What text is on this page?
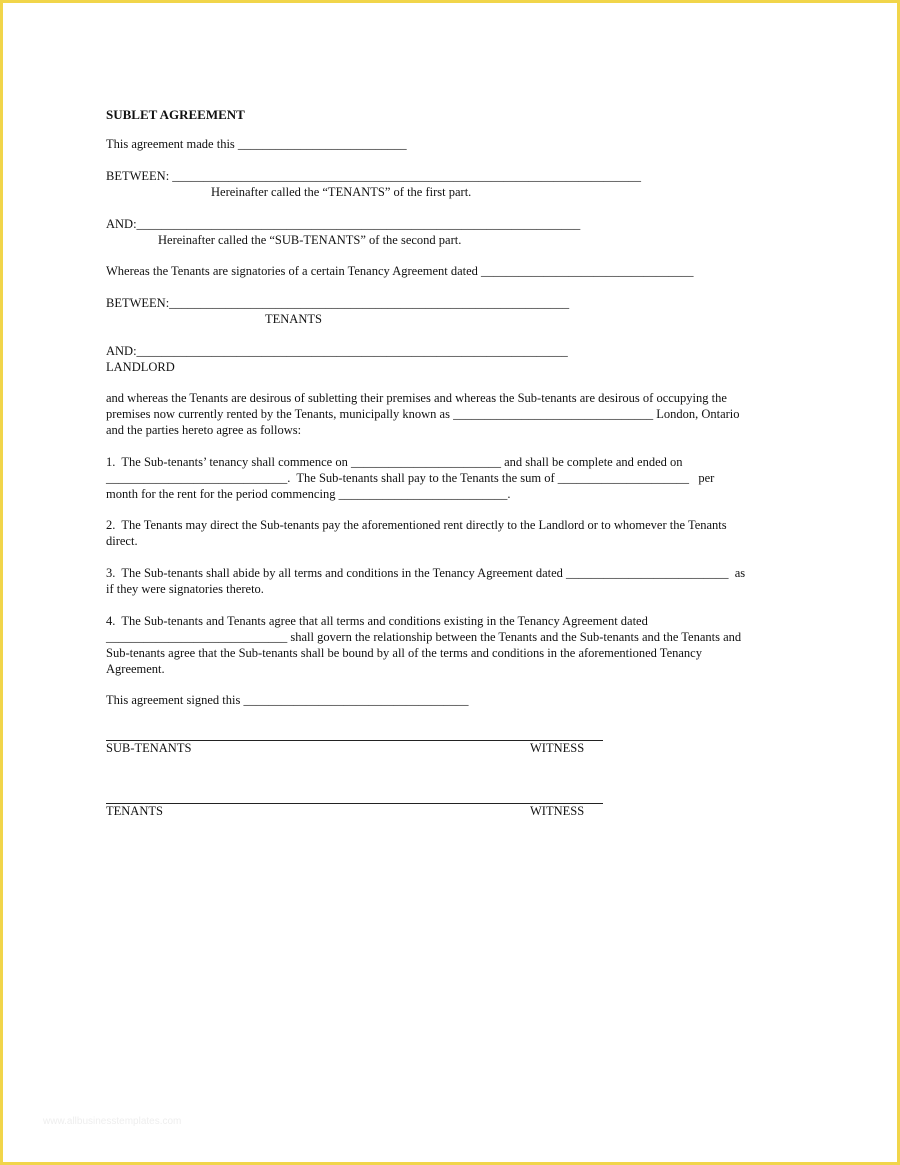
SUBLET AGREEMENT
This agreement made this ___________________________
BETWEEN: ___________________________________________________________________________
Hereinafter called the “TENANTS” of the first part.
AND:_______________________________________________________________________
Hereinafter called the “SUB-TENANTS” of the second part.
Whereas the Tenants are signatories of a certain Tenancy Agreement dated __________________________________
BETWEEN:________________________________________________________________
TENANTS
AND:_____________________________________________________________________
LANDLORD
and whereas the Tenants are desirous of subletting their premises and whereas the Sub-tenants are desirous of occupying the
premises now currently rented by the Tenants, municipally known as ________________________________ London, Ontario
and the parties hereto agree as follows:
1.  The Sub-tenants’ tenancy shall commence on ________________________ and shall be complete and ended on
_____________________________.  The Sub-tenants shall pay to the Tenants the sum of _____________________   per
month for the rent for the period commencing ___________________________.
2.  The Tenants may direct the Sub-tenants pay the aforementioned rent directly to the Landlord or to whomever the Tenants
direct.
3.  The Sub-tenants shall abide by all terms and conditions in the Tenancy Agreement dated __________________________  as
if they were signatories thereto.
4.  The Sub-tenants and Tenants agree that all terms and conditions existing in the Tenancy Agreement dated
_____________________________ shall govern the relationship between the Tenants and the Sub-tenants and the Tenants and
Sub-tenants agree that the Sub-tenants shall be bound by all of the terms and conditions in the aforementioned Tenancy
Agreement.
This agreement signed this ____________________________________
SUB-TENANTS	WITNESS
TENANTS	WITNESS
www.allbusinesstemplates.com
